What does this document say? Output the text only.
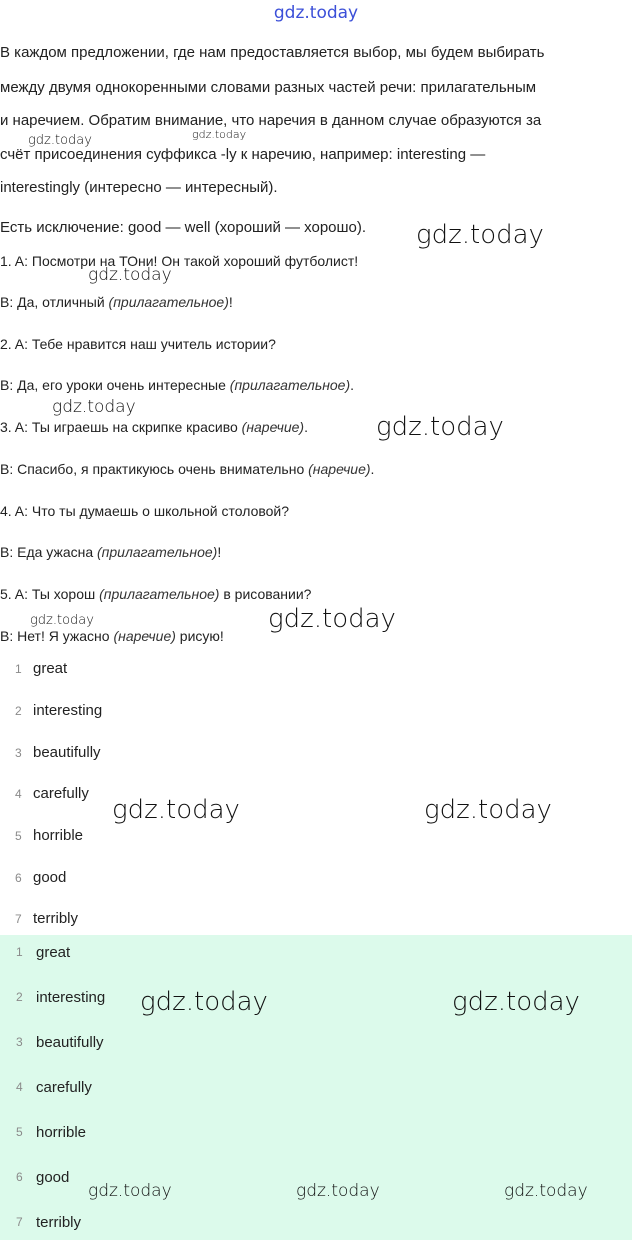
gdz.today
В каждом предложении, где нам предоставляется выбор, мы будем выбирать
между двумя однокоренными словами разных частей речи: прилагательным
и наречием. Обратим внимание, что наречия в данном случае образуются за
счёт присоединения суффикса -ly к наречию, например: interesting —
interestingly (интересно — интересный).
Есть исключение: good — well (хороший — хорошо).
1. A: Посмотри на ТОни! Он такой хороший футболист!
B: Да, отличный (прилагательное)!
2. A: Тебе нравится наш учитель истории?
B: Да, его уроки очень интересные (прилагательное).
3. A: Ты играешь на скрипке красиво (наречие).
B: Спасибо, я практикуюсь очень внимательно (наречие).
4. A: Что ты думаешь о школьной столовой?
B: Еда ужасна (прилагательное)!
5. A: Ты хорош (прилагательное) в рисовании?
B: Нет! Я ужасно (наречие) рисую!
1 great
2 interesting
3 beautifully
4 carefully
5 horrible
6 good
7 terribly
1 great
2 interesting
3 beautifully
4 carefully
5 horrible
6 good
7 terribly
gdz.today	gdz.today
gdz.today
gdz.today
gdz.today
gdz.today
gdz.today	gdz.today
gdz.today	gdz.today
gdz.today	gdz.today
gdz.today	gdz.today	gdz.today
